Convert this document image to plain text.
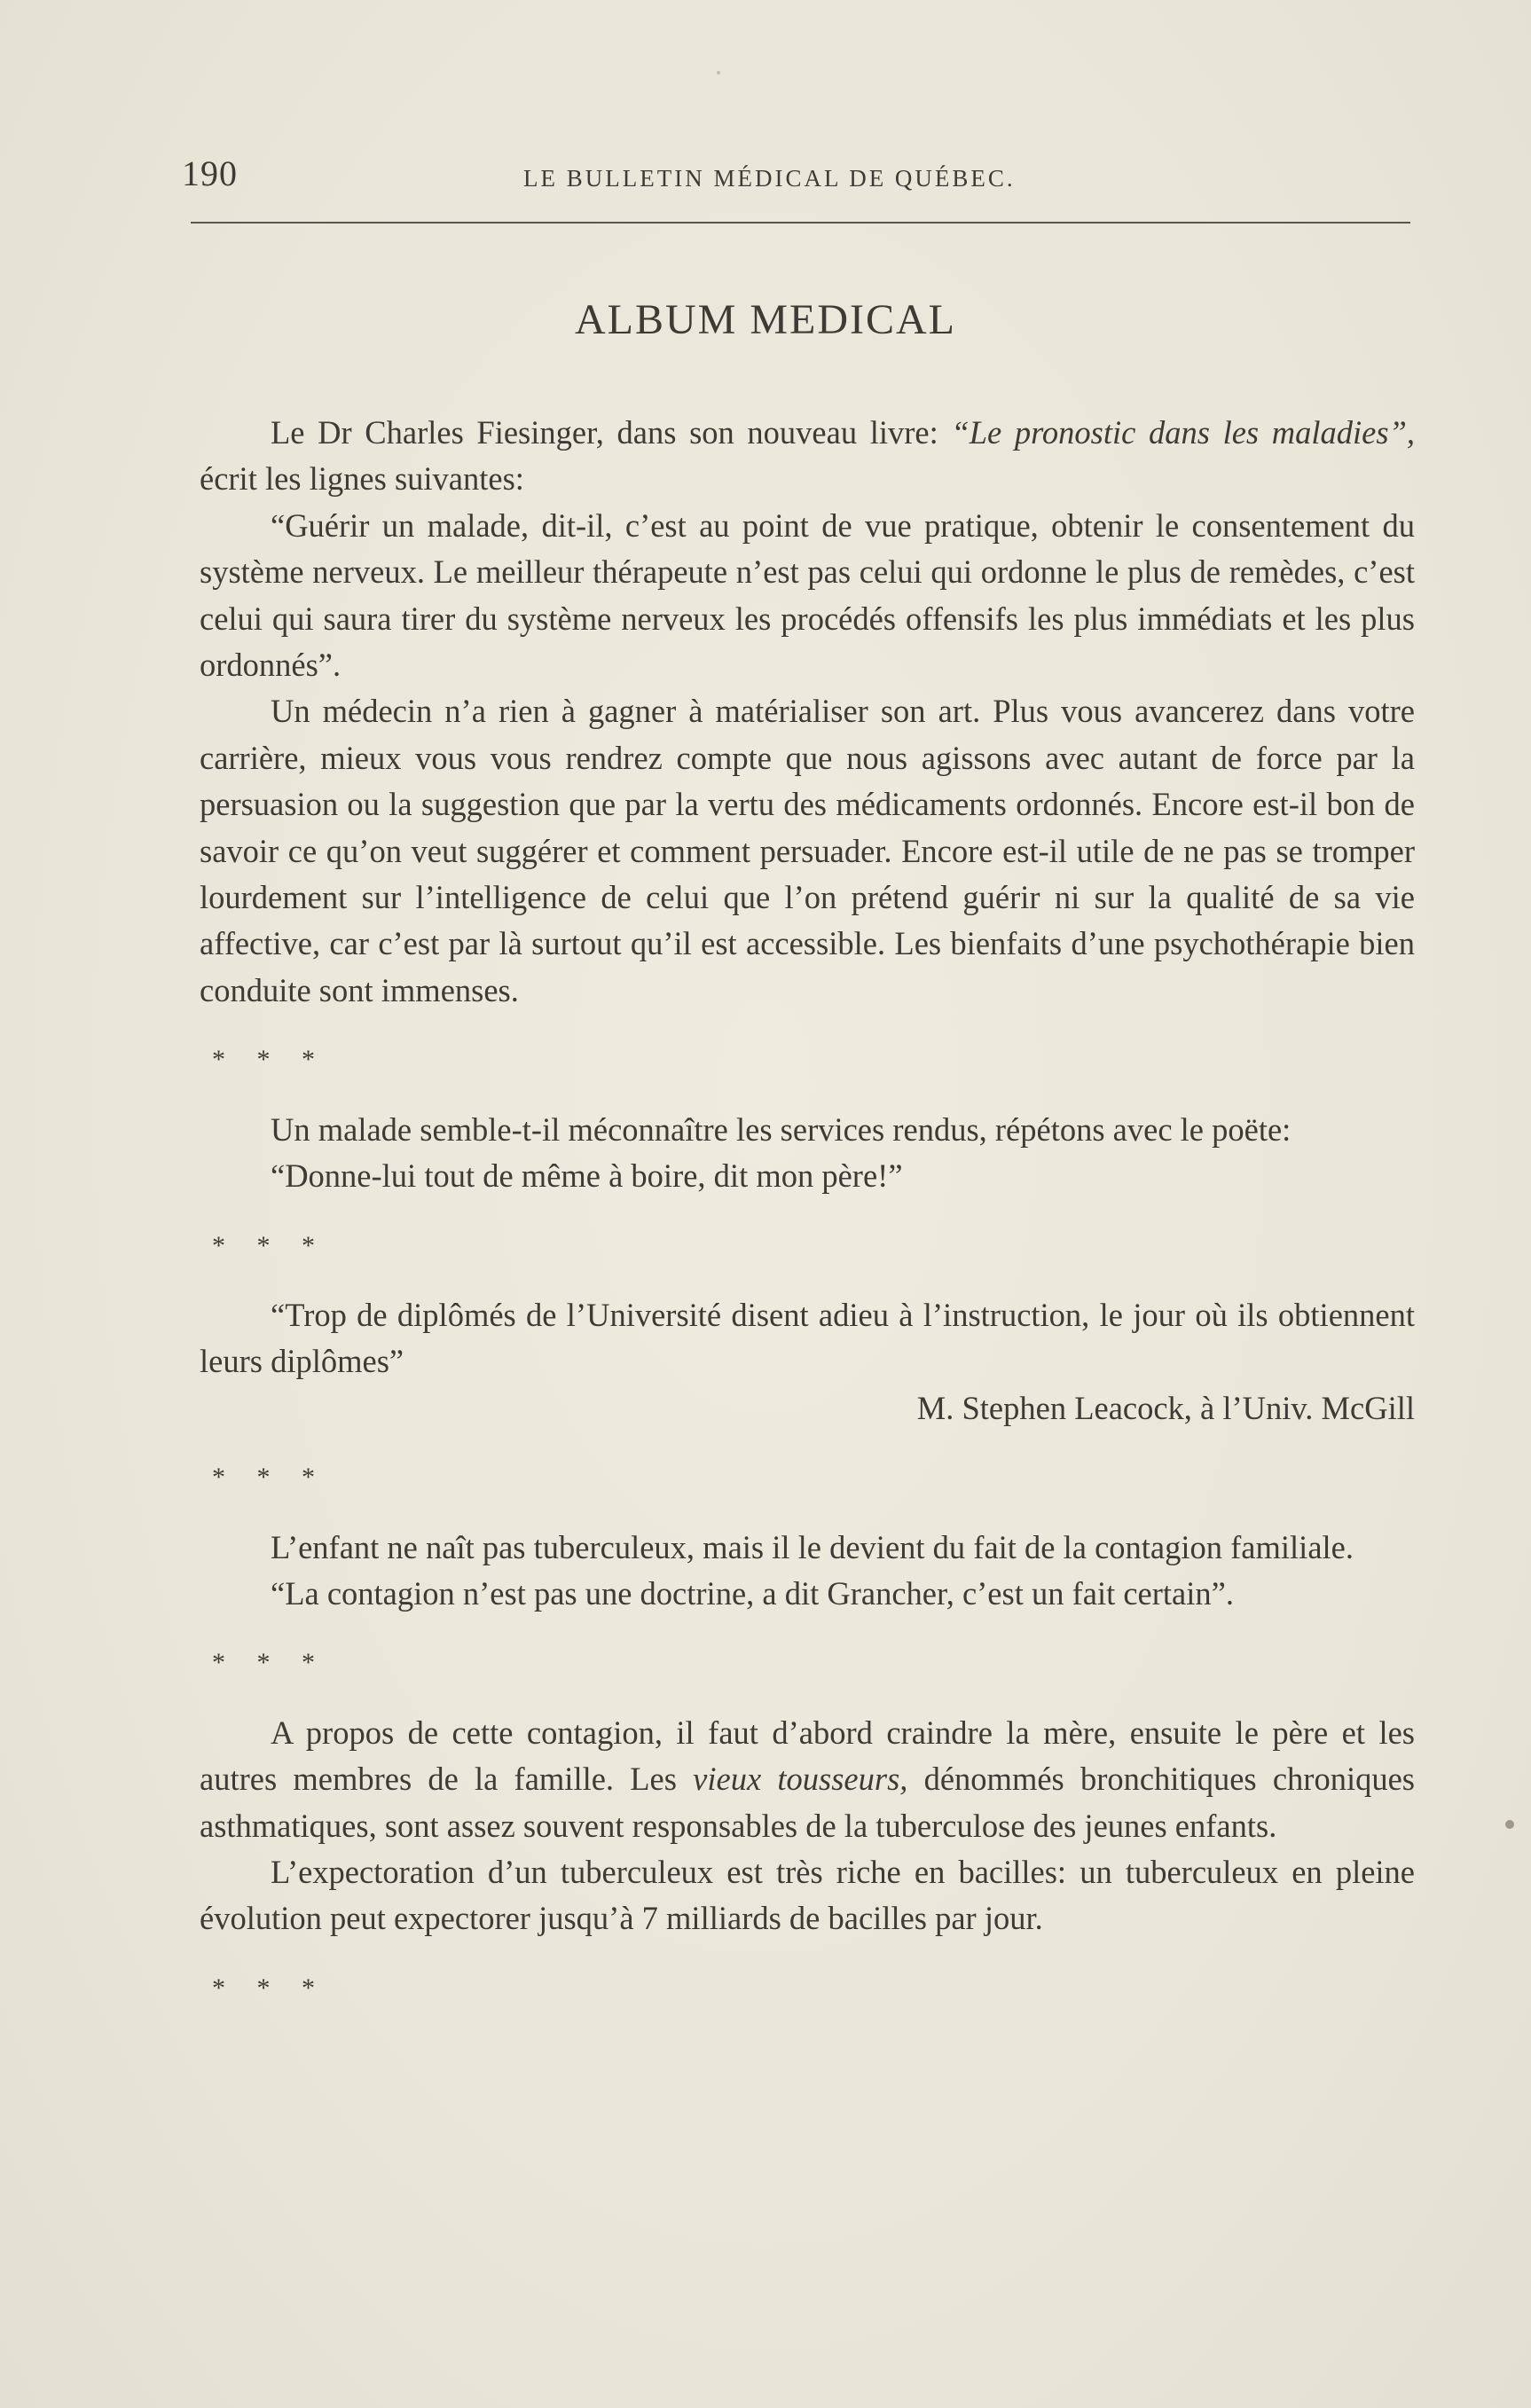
190	LE BULLETIN MÉDICAL DE QUÉBEC.
ALBUM MEDICAL

Le Dr Charles Fiesinger, dans son nouveau livre: “Le pronostic dans les maladies”, écrit les lignes suivantes:

“Guérir un malade, dit-il, c’est au point de vue pratique, obtenir le consentement du système nerveux. Le meilleur thérapeute n’est pas celui qui ordonne le plus de remèdes, c’est celui qui saura tirer du système nerveux les procédés offensifs les plus immédiats et les plus ordonnés”.

Un médecin n’a rien à gagner à matérialiser son art. Plus vous avancerez dans votre carrière, mieux vous vous rendrez compte que nous agissons avec autant de force par la persuasion ou la suggestion que par la vertu des médicaments ordonnés. Encore est-il bon de savoir ce qu’on veut suggérer et comment persuader. Encore est-il utile de ne pas se tromper lourdement sur l’intelligence de celui que l’on prétend guérir ni sur la qualité de sa vie affective, car c’est par là surtout qu’il est accessible. Les bienfaits d’une psychothérapie bien conduite sont immenses.

* * *

Un malade semble-t-il méconnaître les services rendus, répétons avec le poëte:

“Donne-lui tout de même à boire, dit mon père!”

* * *

“Trop de diplômés de l’Université disent adieu à l’instruction, le jour où ils obtiennent leurs diplômes”

M. Stephen Leacock, à l’Univ. McGill

* * *

L’enfant ne naît pas tuberculeux, mais il le devient du fait de la contagion familiale.

“La contagion n’est pas une doctrine, a dit Grancher, c’est un fait certain”.

* * *

A propos de cette contagion, il faut d’abord craindre la mère, ensuite le père et les autres membres de la famille. Les vieux tousseurs, dénommés bronchitiques chroniques asthmatiques, sont assez souvent responsables de la tuberculose des jeunes enfants.

L’expectoration d’un tuberculeux est très riche en bacilles: un tuberculeux en pleine évolution peut expectorer jusqu’à 7 milliards de bacilles par jour.

* * *
